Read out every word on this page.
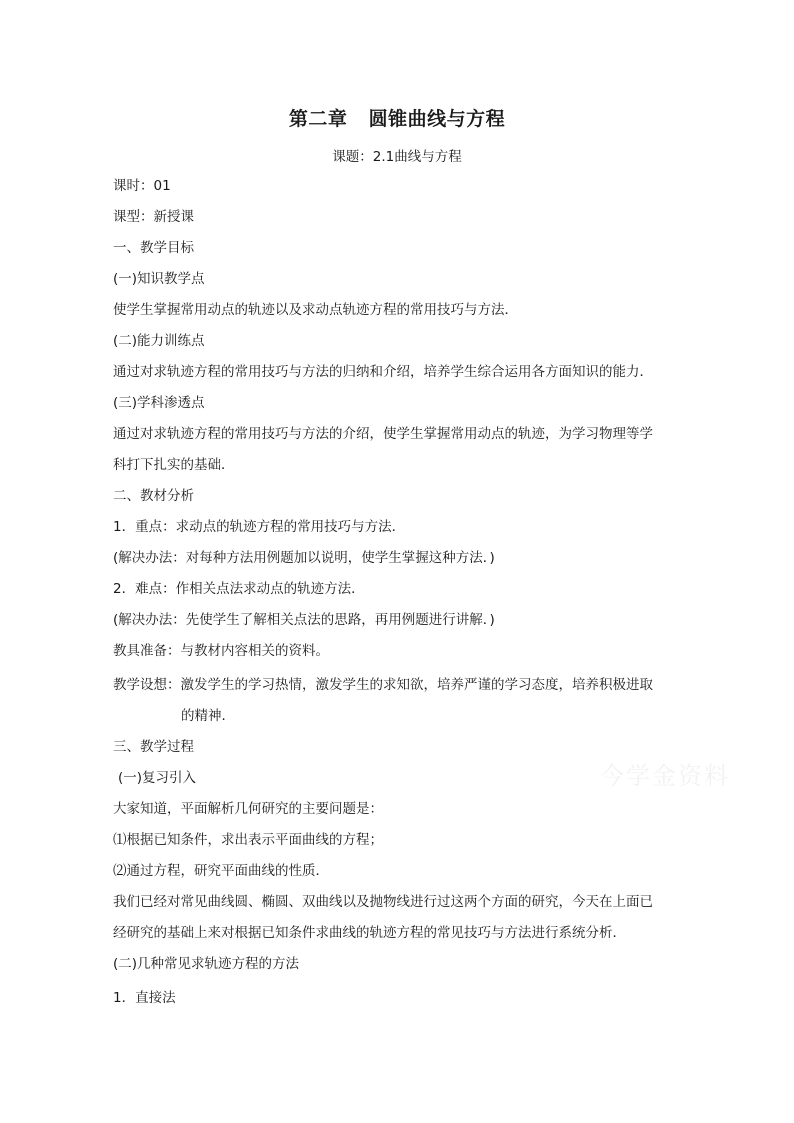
第二章   圆锥曲线与方程
课题：2.1曲线与方程
课时：01
课型：新授课
一、教学目标
(一)知识教学点
使学生掌握常用动点的轨迹以及求动点轨迹方程的常用技巧与方法．
(二)能力训练点
通过对求轨迹方程的常用技巧与方法的归纳和介绍，培养学生综合运用各方面知识的能力．
(三)学科渗透点
通过对求轨迹方程的常用技巧与方法的介绍，使学生掌握常用动点的轨迹，为学习物理等学
科打下扎实的基础．
二、教材分析
1．重点：求动点的轨迹方程的常用技巧与方法．
(解决办法：对每种方法用例题加以说明，使学生掌握这种方法．)
2．难点：作相关点法求动点的轨迹方法．
(解决办法：先使学生了解相关点法的思路，再用例题进行讲解．)
教具准备：与教材内容相关的资料。
教学设想：激发学生的学习热情，激发学生的求知欲，培养严谨的学习态度，培养积极进取
的精神．
三、教学过程
(一)复习引入
大家知道，平面解析几何研究的主要问题是：
⑴根据已知条件，求出表示平面曲线的方程；
⑵通过方程，研究平面曲线的性质．
我们已经对常见曲线圆、椭圆、双曲线以及抛物线进行过这两个方面的研究，今天在上面已
经研究的基础上来对根据已知条件求曲线的轨迹方程的常见技巧与方法进行系统分析．
(二)几种常见求轨迹方程的方法
1．直接法
今学金资料
